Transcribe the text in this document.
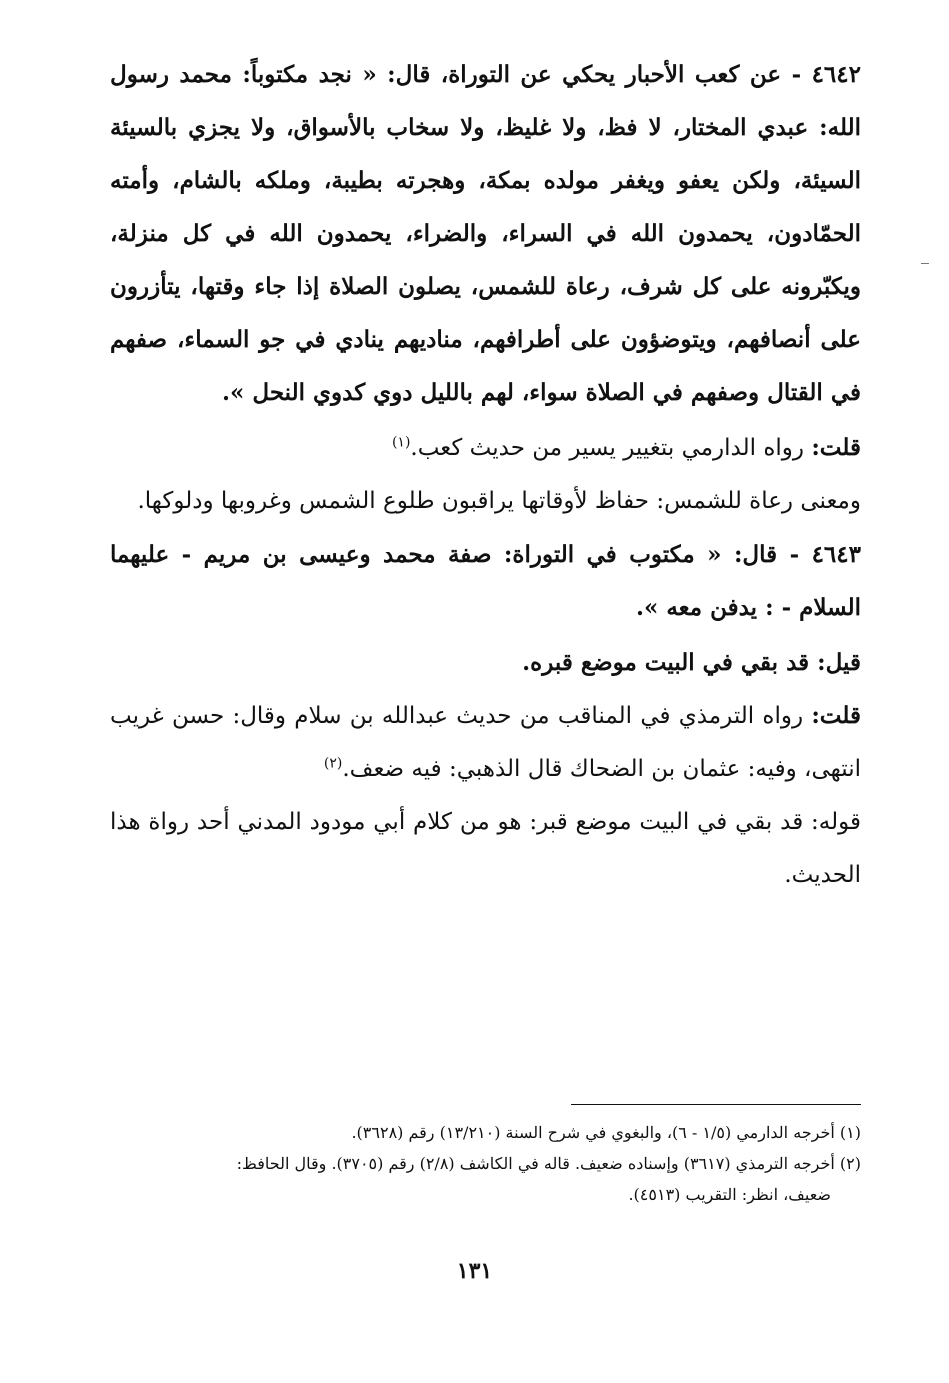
٤٦٤٢ - عن كعب الأحبار يحكي عن التوراة، قال: « نجد مكتوباً: محمد رسول الله: عبدي المختار، لا فظ، ولا غليظ، ولا سخاب بالأسواق، ولا يجزي بالسيئة السيئة، ولكن يعفو ويغفر مولده بمكة، وهجرته بطيبة، وملكه بالشام، وأمته الحمّادون، يحمدون الله في السراء، والضراء، يحمدون الله في كل منزلة، ويكبّرونه على كل شرف، رعاة للشمس، يصلون الصلاة إذا جاء وقتها، يتأزرون على أنصافهم، ويتوضؤون على أطرافهم، مناديهم ينادي في جو السماء، صفهم في القتال وصفهم في الصلاة سواء، لهم بالليل دوي كدوي النحل ».

قلت: رواه الدارمي بتغيير يسير من حديث كعب.$^{(١)}$

ومعنى رعاة للشمس: حفاظ لأوقاتها يراقبون طلوع الشمس وغروبها ودلوكها.

٤٦٤٣ - قال: « مكتوب في التوراة: صفة محمد وعيسى بن مريم - عليهما السلام - : يدفن معه ».

قيل: قد بقي في البيت موضع قبره.

قلت: رواه الترمذي في المناقب من حديث عبدالله بن سلام وقال: حسن غريب انتهى، وفيه: عثمان بن الضحاك قال الذهبي: فيه ضعف.$^{(٢)}$

قوله: قد بقي في البيت موضع قبر: هو من كلام أبي مودود المدني أحد رواة هذا الحديث.

(١) أخرجه الدارمي (١/٥ - ٦)، والبغوي في شرح السنة (١٣/٢١٠) رقم (٣٦٢٨).

(٢) أخرجه الترمذي (٣٦١٧) وإسناده ضعيف. قاله في الكاشف (٢/٨) رقم (٣٧٠٥). وقال الحافظ:

ضعيف، انظر: التقريب (٤٥١٣).

١٣١
